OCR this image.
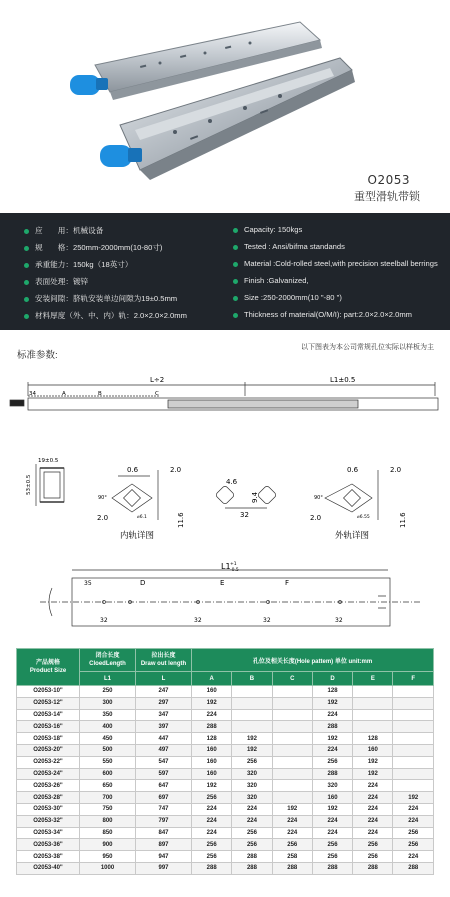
O2053
重型滑轨带锁
应　　用：机械设备
规　　格：250mm-2000mm(10-80寸)
承重能力：150kg（18英寸）
表面处理：镀锌
安装间隙：脐轨安装单边间隙为19±0.5mm
材料厚度（外、中、内）轨：2.0×2.0×2.0mm
Capacity: 150kgs
Tested : Ansi/bifma standands
Material :Cold-rolled steel,with precision steelball berrings
Finish :Galvanized,
Size :250-2000mm(10 "-80 ")
Thickness of material(O/M/I): part:2.0×2.0×2.0mm
以下图表为本公司常规孔位实际以样板为主
标准参数:
L÷2	L1±0.5
34	A	B	C
19±0.5
53±0.5
0.6	2.0
2.0	11.6
90°
⌀6.1
内轨详图
4.6
9.4
32
0.6	2.0
2.0	11.6
90°
⌀6.55
外轨详图
L1 +1
-0.5
35	D	E	F
32	32	32	32
产品规格
Product Size	闭合长度
CloedLength	拉出长度
Draw out length	孔位及相关长度(Hole pattem) 单位 unit:mm					
	L1	L	A	B	C	D	E	F
O2053-10"	250	247	160			128		
O2053-12"	300	297	192			192		
O2053-14"	350	347	224			224		
O2053-16"	400	397	288			288		
O2053-18"	450	447	128	192		192	128	
O2053-20"	500	497	160	192		224	160	
O2053-22"	550	547	160	256		256	192	
O2053-24"	600	597	160	320		288	192	
O2053-26"	650	647	192	320		320	224	
O2053-28"	700	697	256	320		160	224	192
O2053-30"	750	747	224	224	192	192	224	224
O2053-32"	800	797	224	224	224	224	224	224
O2053-34"	850	847	224	256	224	224	224	256
O2053-36"	900	897	256	256	256	256	256	256
O2053-38"	950	947	256	288	258	256	256	224
O2053-40"	1000	997	288	288	288	288	288	288
